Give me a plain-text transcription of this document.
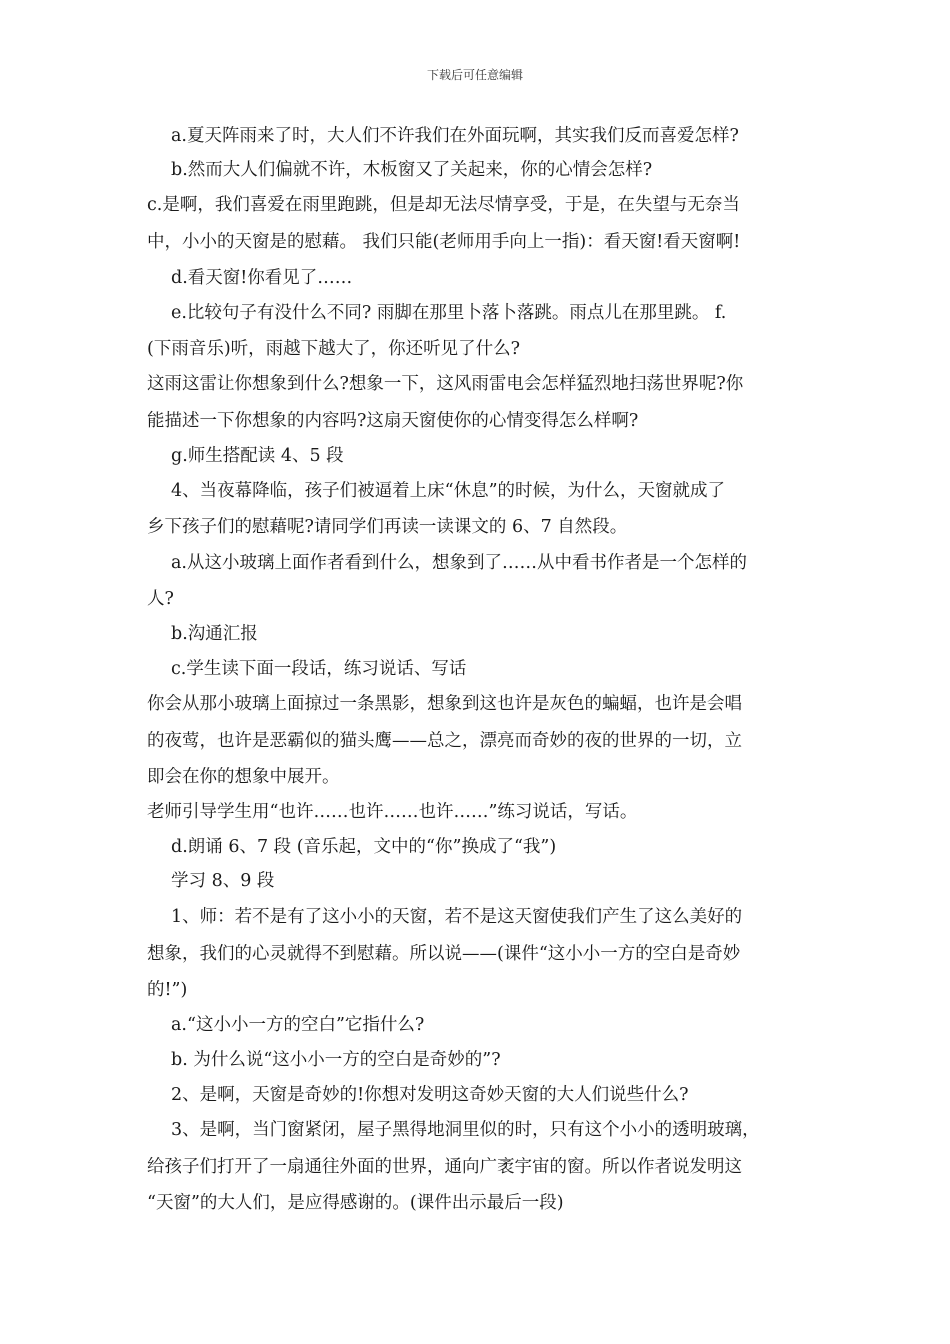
下载后可任意编辑
a.夏天阵雨来了时，大人们不许我们在外面玩啊，其实我们反而喜爱怎样?
b.然而大人们偏就不许，木板窗又了关起来，你的心情会怎样?
c.是啊，我们喜爱在雨里跑跳，但是却无法尽情享受，于是，在失望与无奈当
中，小小的天窗是的慰藉。 我们只能(老师用手向上一指)：看天窗!看天窗啊!
d.看天窗!你看见了……
e.比较句子有没什么不同? 雨脚在那里卜落卜落跳。雨点儿在那里跳。 f.
(下雨音乐)听，雨越下越大了，你还听见了什么?
这雨这雷让你想象到什么?想象一下，这风雨雷电会怎样猛烈地扫荡世界呢?你
能描述一下你想象的内容吗?这扇天窗使你的心情变得怎么样啊?
g.师生搭配读 4、5 段
4、当夜幕降临，孩子们被逼着上床“休息”的时候，为什么，天窗就成了
乡下孩子们的慰藉呢?请同学们再读一读课文的 6、7 自然段。
a.从这小玻璃上面作者看到什么，想象到了……从中看书作者是一个怎样的
人?
b.沟通汇报
c.学生读下面一段话，练习说话、写话
你会从那小玻璃上面掠过一条黑影，想象到这也许是灰色的蝙蝠，也许是会唱
的夜莺，也许是恶霸似的猫头鹰——总之，漂亮而奇妙的夜的世界的一切，立
即会在你的想象中展开。
老师引导学生用“也许……也许……也许……”练习说话，写话。
d.朗诵 6、7 段 (音乐起，文中的“你”换成了“我”)
学习 8、9 段
1、师：若不是有了这小小的天窗，若不是这天窗使我们产生了这么美好的
想象，我们的心灵就得不到慰藉。所以说——(课件“这小小一方的空白是奇妙
的!”)
a.“这小小一方的空白”它指什么?
b. 为什么说“这小小一方的空白是奇妙的”?
2、是啊，天窗是奇妙的!你想对发明这奇妙天窗的大人们说些什么?
3、是啊，当门窗紧闭，屋子黑得地洞里似的时，只有这个小小的透明玻璃，
给孩子们打开了一扇通往外面的世界，通向广袤宇宙的窗。所以作者说发明这
“天窗”的大人们，是应得感谢的。(课件出示最后一段)
